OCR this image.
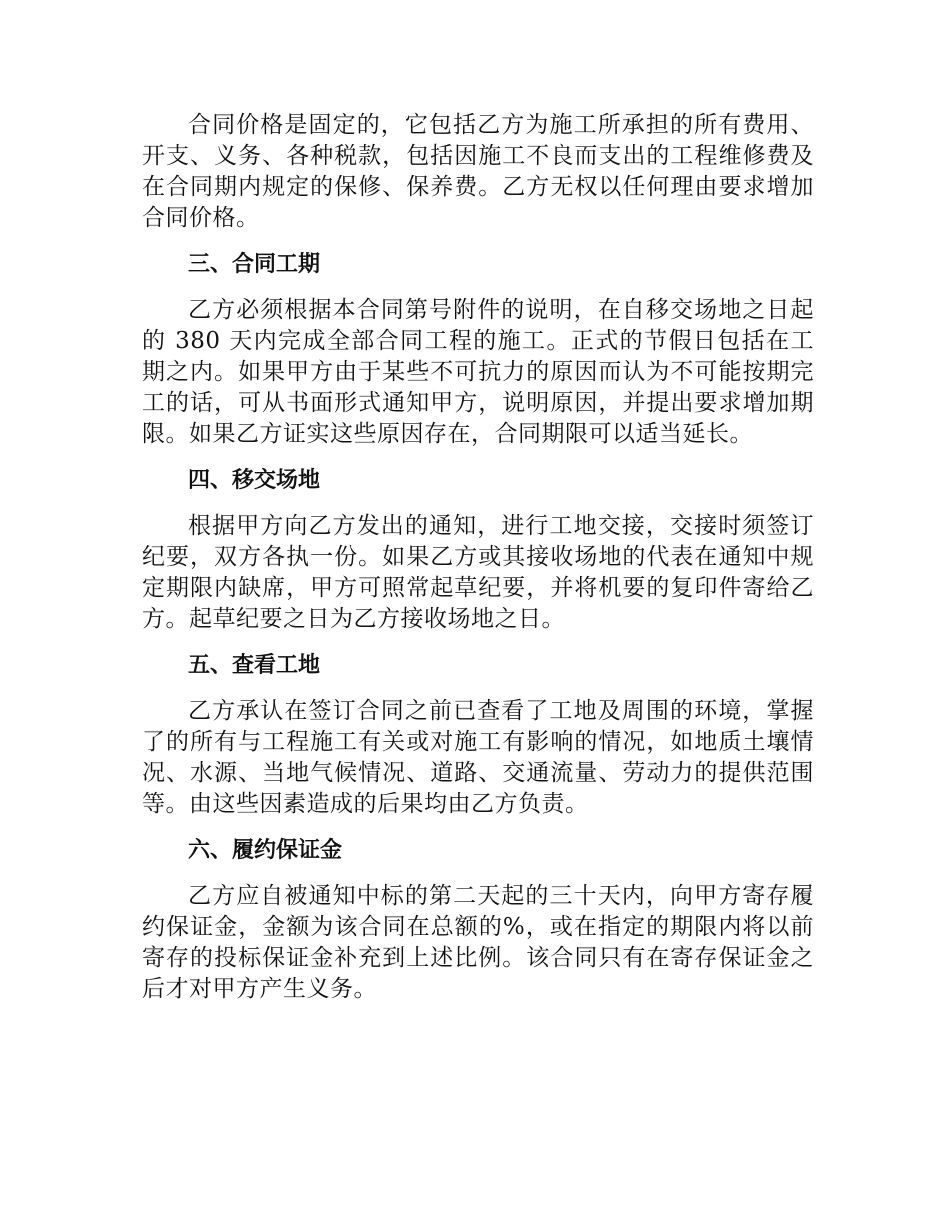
合同价格是固定的，它包括乙方为施工所承担的所有费用、开支、义务、各种税款，包括因施工不良而支出的工程维修费及在合同期内规定的保修、保养费。乙方无权以任何理由要求增加合同价格。

三、合同工期

乙方必须根据本合同第号附件的说明，在自移交场地之日起的 380 天内完成全部合同工程的施工。正式的节假日包括在工期之内。如果甲方由于某些不可抗力的原因而认为不可能按期完工的话，可从书面形式通知甲方，说明原因，并提出要求增加期限。如果乙方证实这些原因存在，合同期限可以适当延长。

四、移交场地

根据甲方向乙方发出的通知，进行工地交接，交接时须签订纪要，双方各执一份。如果乙方或其接收场地的代表在通知中规定期限内缺席，甲方可照常起草纪要，并将机要的复印件寄给乙方。起草纪要之日为乙方接收场地之日。

五、查看工地

乙方承认在签订合同之前已查看了工地及周围的环境，掌握了的所有与工程施工有关或对施工有影响的情况，如地质土壤情况、水源、当地气候情况、道路、交通流量、劳动力的提供范围等。由这些因素造成的后果均由乙方负责。

六、履约保证金

乙方应自被通知中标的第二天起的三十天内，向甲方寄存履约保证金，金额为该合同在总额的%，或在指定的期限内将以前寄存的投标保证金补充到上述比例。该合同只有在寄存保证金之后才对甲方产生义务。
